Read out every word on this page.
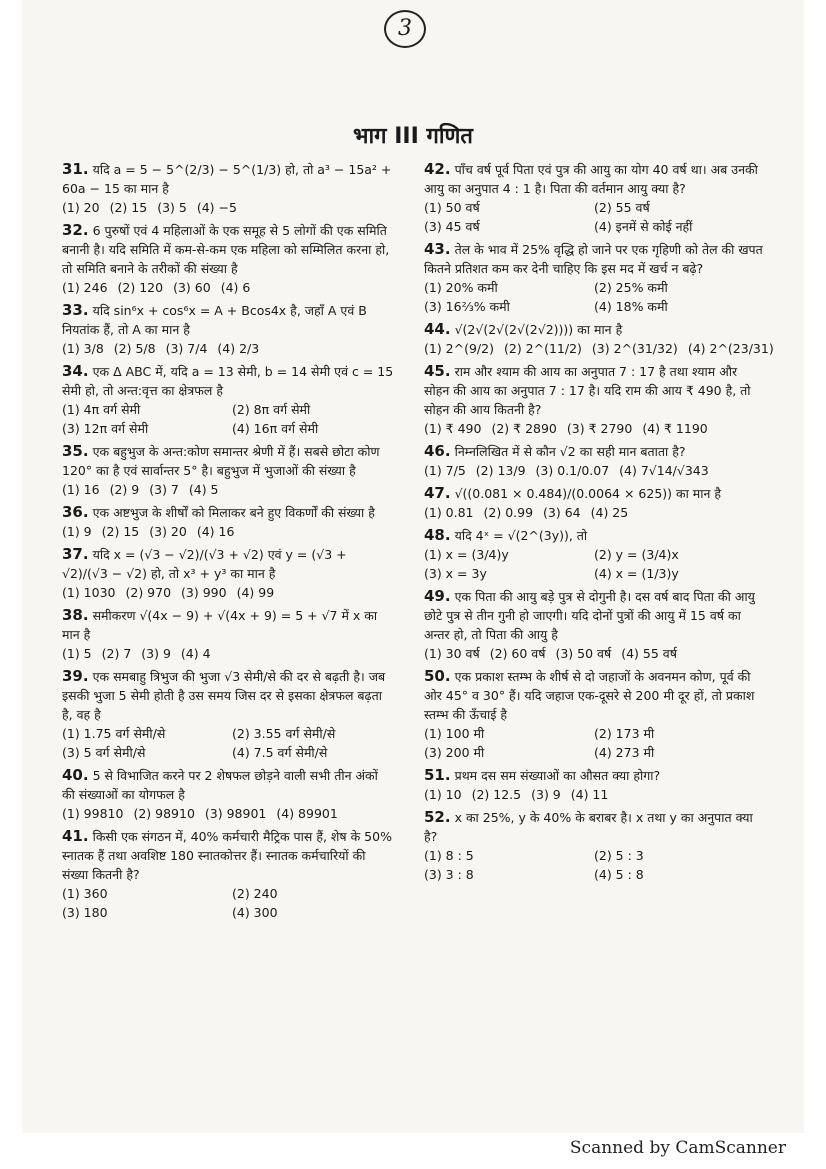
3
भाग III गणित
31. यदि a = 5 − 5^(2/3) − 5^(1/3) हो, तो a³ − 15a² + 60a − 15 का मान है
(1) 20 (2) 15 (3) 5 (4) −5
32. 6 पुरुषों एवं 4 महिलाओं के एक समूह से 5 लोगों की एक समिति बनानी है। यदि समिति में कम-से-कम एक महिला को सम्मिलित करना हो, तो समिति बनाने के तरीकों की संख्या है
(1) 246 (2) 120 (3) 60 (4) 6
33. यदि sin⁶x + cos⁶x = A + Bcos4x है, जहाँ A एवं B नियतांक हैं, तो A का मान है
(1) 3/8 (2) 5/8 (3) 7/4 (4) 2/3
34. एक Δ ABC में, यदि a = 13 सेमी, b = 14 सेमी एवं c = 15 सेमी हो, तो अन्त:वृत्त का क्षेत्रफल है
(1) 4π वर्ग सेमी	(2) 8π वर्ग सेमी
(3) 12π वर्ग सेमी	(4) 16π वर्ग सेमी
35. एक बहुभुज के अन्त:कोण समान्तर श्रेणी में हैं। सबसे छोटा कोण 120° का है एवं सार्वान्तर 5° है। बहुभुज में भुजाओं की संख्या है
(1) 16 (2) 9 (3) 7 (4) 5
36. एक अष्टभुज के शीर्षों को मिलाकर बने हुए विकर्णों की संख्या है
(1) 9 (2) 15 (3) 20 (4) 16
37. यदि x = (√3 − √2)/(√3 + √2) एवं y = (√3 + √2)/(√3 − √2) हो, तो x³ + y³ का मान है
(1) 1030 (2) 970 (3) 990 (4) 99
38. समीकरण √(4x − 9) + √(4x + 9) = 5 + √7 में x का मान है
(1) 5 (2) 7 (3) 9 (4) 4
39. एक समबाहु त्रिभुज की भुजा √3 सेमी/से की दर से बढ़ती है। जब इसकी भुजा 5 सेमी होती है उस समय जिस दर से इसका क्षेत्रफल बढ़ता है, वह है
(1) 1.75 वर्ग सेमी/से	(2) 3.55 वर्ग सेमी/से
(3) 5 वर्ग सेमी/से	(4) 7.5 वर्ग सेमी/से
40. 5 से विभाजित करने पर 2 शेषफल छोड़ने वाली सभी तीन अंकों की संख्याओं का योगफल है
(1) 99810 (2) 98910 (3) 98901 (4) 89901
41. किसी एक संगठन में, 40% कर्मचारी मैट्रिक पास हैं, शेष के 50% स्नातक हैं तथा अवशिष्ट 180 स्नातकोत्तर हैं। स्नातक कर्मचारियों की संख्या कितनी है?
(1) 360	(2) 240
(3) 180	(4) 300
42. पाँच वर्ष पूर्व पिता एवं पुत्र की आयु का योग 40 वर्ष था। अब उनकी आयु का अनुपात 4 : 1 है। पिता की वर्तमान आयु क्या है?
(1) 50 वर्ष	(2) 55 वर्ष
(3) 45 वर्ष	(4) इनमें से कोई नहीं
43. तेल के भाव में 25% वृद्धि हो जाने पर एक गृहिणी को तेल की खपत कितने प्रतिशत कम कर देनी चाहिए कि इस मद में खर्च न बढ़े?
(1) 20% कमी	(2) 25% कमी
(3) 16⅔% कमी	(4) 18% कमी
44. √(2√(2√(2√(2√2)))) का मान है
(1) 2^(9/2) (2) 2^(11/2) (3) 2^(31/32) (4) 2^(23/31)
45. राम और श्याम की आय का अनुपात 7 : 17 है तथा श्याम और सोहन की आय का अनुपात 7 : 17 है। यदि राम की आय ₹ 490 है, तो सोहन की आय कितनी है?
(1) ₹ 490 (2) ₹ 2890 (3) ₹ 2790 (4) ₹ 1190
46. निम्नलिखित में से कौन √2 का सही मान बताता है?
(1) 7/5 (2) 13/9 (3) 0.1/0.07 (4) 7√14/√343
47. √((0.081 × 0.484)/(0.0064 × 625)) का मान है
(1) 0.81 (2) 0.99 (3) 64 (4) 25
48. यदि 4ˣ = √(2^(3y)), तो
(1) x = (3/4)y	(2) y = (3/4)x
(3) x = 3y	(4) x = (1/3)y
49. एक पिता की आयु बड़े पुत्र से दोगुनी है। दस वर्ष बाद पिता की आयु छोटे पुत्र से तीन गुनी हो जाएगी। यदि दोनों पुत्रों की आयु में 15 वर्ष का अन्तर हो, तो पिता की आयु है
(1) 30 वर्ष (2) 60 वर्ष (3) 50 वर्ष (4) 55 वर्ष
50. एक प्रकाश स्तम्भ के शीर्ष से दो जहाजों के अवनमन कोण, पूर्व की ओर 45° व 30° हैं। यदि जहाज एक-दूसरे से 200 मी दूर हों, तो प्रकाश स्तम्भ की ऊँचाई है
(1) 100 मी	(2) 173 मी
(3) 200 मी	(4) 273 मी
51. प्रथम दस सम संख्याओं का औसत क्या होगा?
(1) 10 (2) 12.5 (3) 9 (4) 11
52. x का 25%, y के 40% के बराबर है। x तथा y का अनुपात क्या है?
(1) 8 : 5	(2) 5 : 3
(3) 3 : 8	(4) 5 : 8
Scanned by CamScanner
